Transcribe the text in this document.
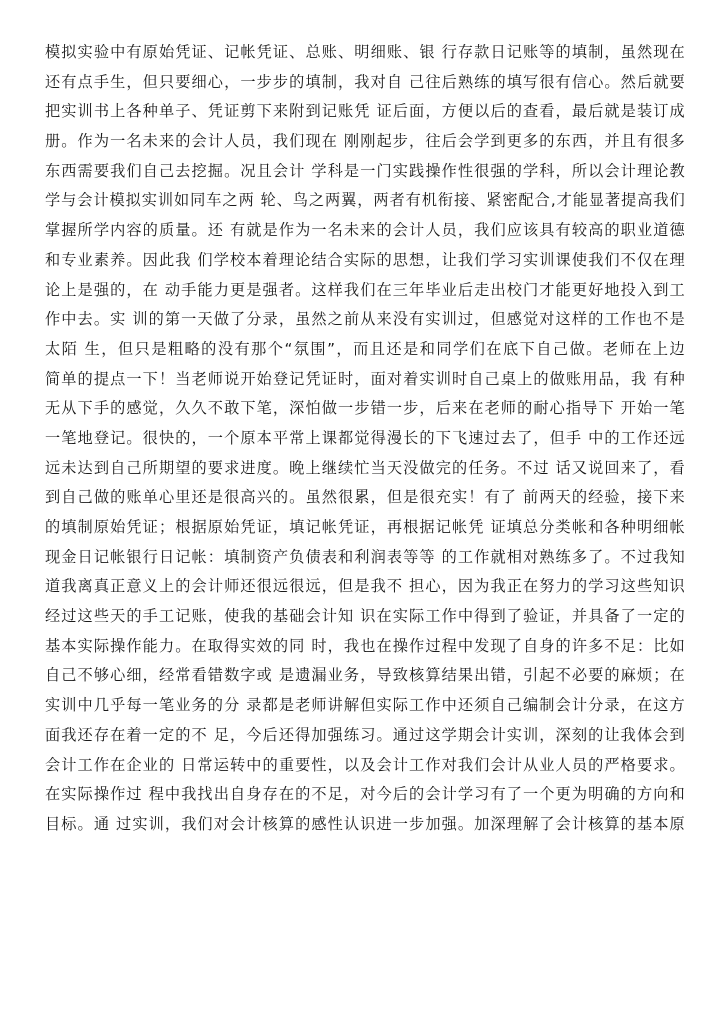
模拟实验中有原始凭证、记帐凭证、总账、明细账、银 行存款日记账等的填制，虽然现在
还有点手生，但只要细心，一步步的填制，我对自 己往后熟练的填写很有信心。然后就要
把实训书上各种单子、凭证剪下来附到记账凭 证后面，方便以后的查看，最后就是装订成
册。作为一名未来的会计人员，我们现在 刚刚起步，往后会学到更多的东西，并且有很多
东西需要我们自己去挖掘。况且会计 学科是一门实践操作性很强的学科，所以会计理论教
学与会计模拟实训如同车之两 轮、鸟之两翼，两者有机衔接、紧密配合,才能显著提高我们
掌握所学内容的质量。还 有就是作为一名未来的会计人员，我们应该具有较高的职业道德
和专业素养。因此我 们学校本着理论结合实际的思想，让我们学习实训课使我们不仅在理
论上是强的，在 动手能力更是强者。这样我们在三年毕业后走出校门才能更好地投入到工
作中去。实 训的第一天做了分录，虽然之前从来没有实训过，但感觉对这样的工作也不是
太陌 生，但只是粗略的没有那个“氛围”，而且还是和同学们在底下自己做。老师在上边
简单的提点一下！当老师说开始登记凭证时，面对着实训时自己桌上的做账用品，我 有种
无从下手的感觉，久久不敢下笔，深怕做一步错一步，后来在老师的耐心指导下 开始一笔
一笔地登记。很快的，一个原本平常上课都觉得漫长的下飞速过去了，但手 中的工作还远
远未达到自己所期望的要求进度。晚上继续忙当天没做完的任务。不过 话又说回来了，看
到自己做的账单心里还是很高兴的。虽然很累，但是很充实！有了 前两天的经验，接下来
的填制原始凭证；根据原始凭证，填记帐凭证，再根据记帐凭 证填总分类帐和各种明细帐
现金日记帐银行日记帐：填制资产负债表和利润表等等 的工作就相对熟练多了。不过我知
道我离真正意义上的会计师还很远很远，但是我不 担心，因为我正在努力的学习这些知识
经过这些天的手工记账，使我的基础会计知 识在实际工作中得到了验证，并具备了一定的
基本实际操作能力。在取得实效的同 时，我也在操作过程中发现了自身的许多不足：比如
自己不够心细，经常看错数字或 是遗漏业务，导致核算结果出错，引起不必要的麻烦；在
实训中几乎每一笔业务的分 录都是老师讲解但实际工作中还须自己编制会计分录，在这方
面我还存在着一定的不 足，今后还得加强练习。通过这学期会计实训，深刻的让我体会到
会计工作在企业的 日常运转中的重要性，以及会计工作对我们会计从业人员的严格要求。
在实际操作过 程中我找出自身存在的不足，对今后的会计学习有了一个更为明确的方向和
目标。通 过实训，我们对会计核算的感性认识进一步加强。加深理解了会计核算的基本原
